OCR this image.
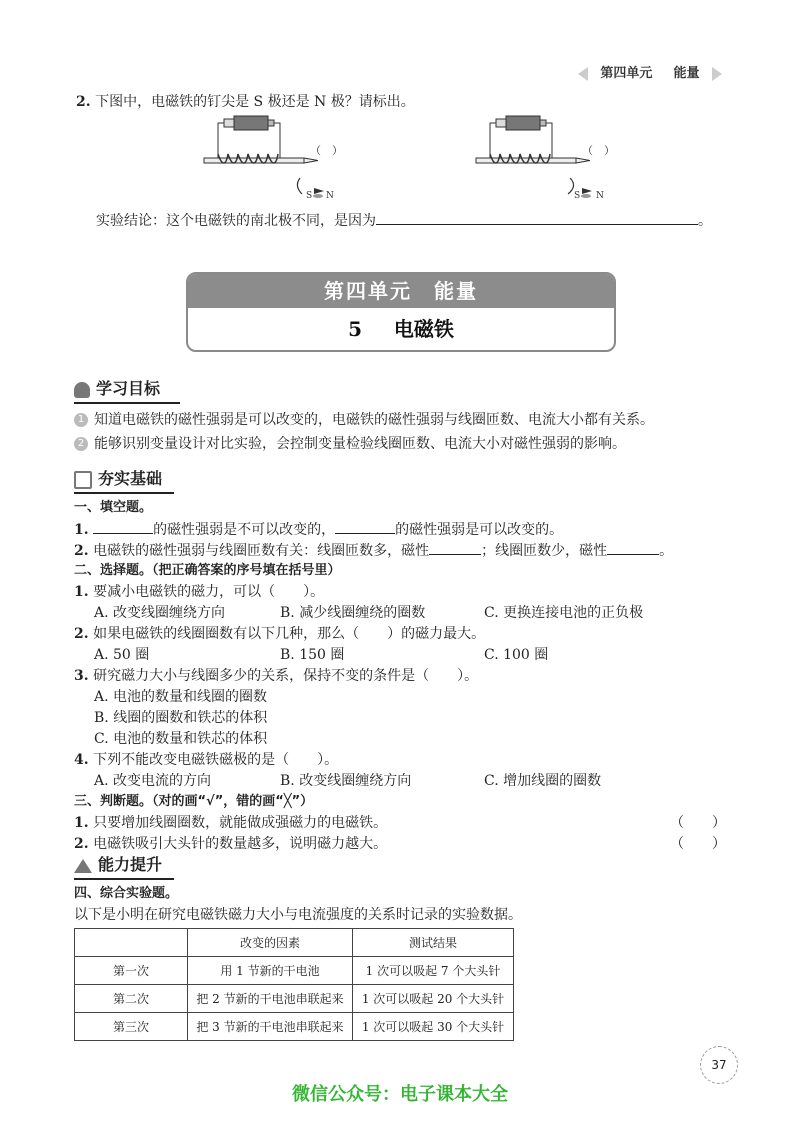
第四单元 能量
2. 下图中，电磁铁的钉尖是 S 极还是 N 极？请标出。
（　）
S N
（　）
S N
实验结论：这个电磁铁的南北极不同，是因为	。
第四单元　能量
5 电磁铁
学习目标
1 知道电磁铁的磁性强弱是可以改变的，电磁铁的磁性强弱与线圈匝数、电流大小都有关系。
2 能够识别变量设计对比实验，会控制变量检验线圈匝数、电流大小对磁性强弱的影响。
夯实基础
一、填空题。
1.	的磁性强弱是不可以改变的，	的磁性强弱是可以改变的。
2. 电磁铁的磁性强弱与线圈匝数有关：线圈匝数多，磁性	；线圈匝数少，磁性	。
二、选择题。（把正确答案的序号填在括号里）
1. 要减小电磁铁的磁力，可以（　　）。
A. 改变线圈缠绕方向	B. 减少线圈缠绕的圈数	C. 更换连接电池的正负极
2. 如果电磁铁的线圈圈数有以下几种，那么（　　）的磁力最大。
A. 50 圈	B. 150 圈	C. 100 圈
3. 研究磁力大小与线圈多少的关系，保持不变的条件是（　　）。
A. 电池的数量和线圈的圈数
B. 线圈的圈数和铁芯的体积
C. 电池的数量和铁芯的体积
4. 下列不能改变电磁铁磁极的是（　　）。
A. 改变电流的方向	B. 改变线圈缠绕方向	C. 增加线圈的圈数
三、判断题。（对的画“√”，错的画“╳”）
1. 只要增加线圈圈数，就能做成强磁力的电磁铁。	（　　）
2. 电磁铁吸引大头针的数量越多，说明磁力越大。	（　　）
能力提升
四、综合实验题。
以下是小明在研究电磁铁磁力大小与电流强度的关系时记录的实验数据。
	改变的因素	测试结果
第一次	用 1 节新的干电池	1 次可以吸起 7 个大头针
第二次	把 2 节新的干电池串联起来	1 次可以吸起 20 个大头针
第三次	把 3 节新的干电池串联起来	1 次可以吸起 30 个大头针
37
微信公众号：电子课本大全
